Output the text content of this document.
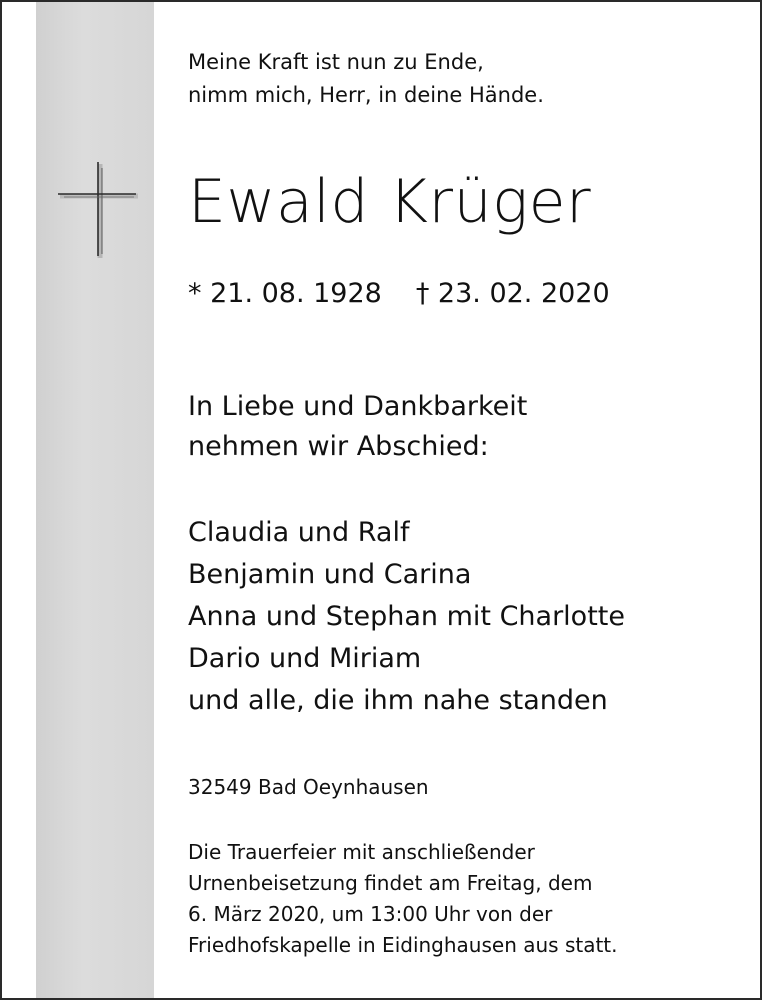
Meine Kraft ist nun zu Ende,
nimm mich, Herr, in deine Hände.
Ewald Krüger
* 21. 08. 1928 † 23. 02. 2020
In Liebe und Dankbarkeit
nehmen wir Abschied:
Claudia und Ralf
Benjamin und Carina
Anna und Stephan mit Charlotte
Dario und Miriam
und alle, die ihm nahe standen
32549 Bad Oeynhausen
Die Trauerfeier mit anschließender
Urnenbeisetzung findet am Freitag, dem
6. März 2020, um 13:00 Uhr von der
Friedhofskapelle in Eidinghausen aus statt.
